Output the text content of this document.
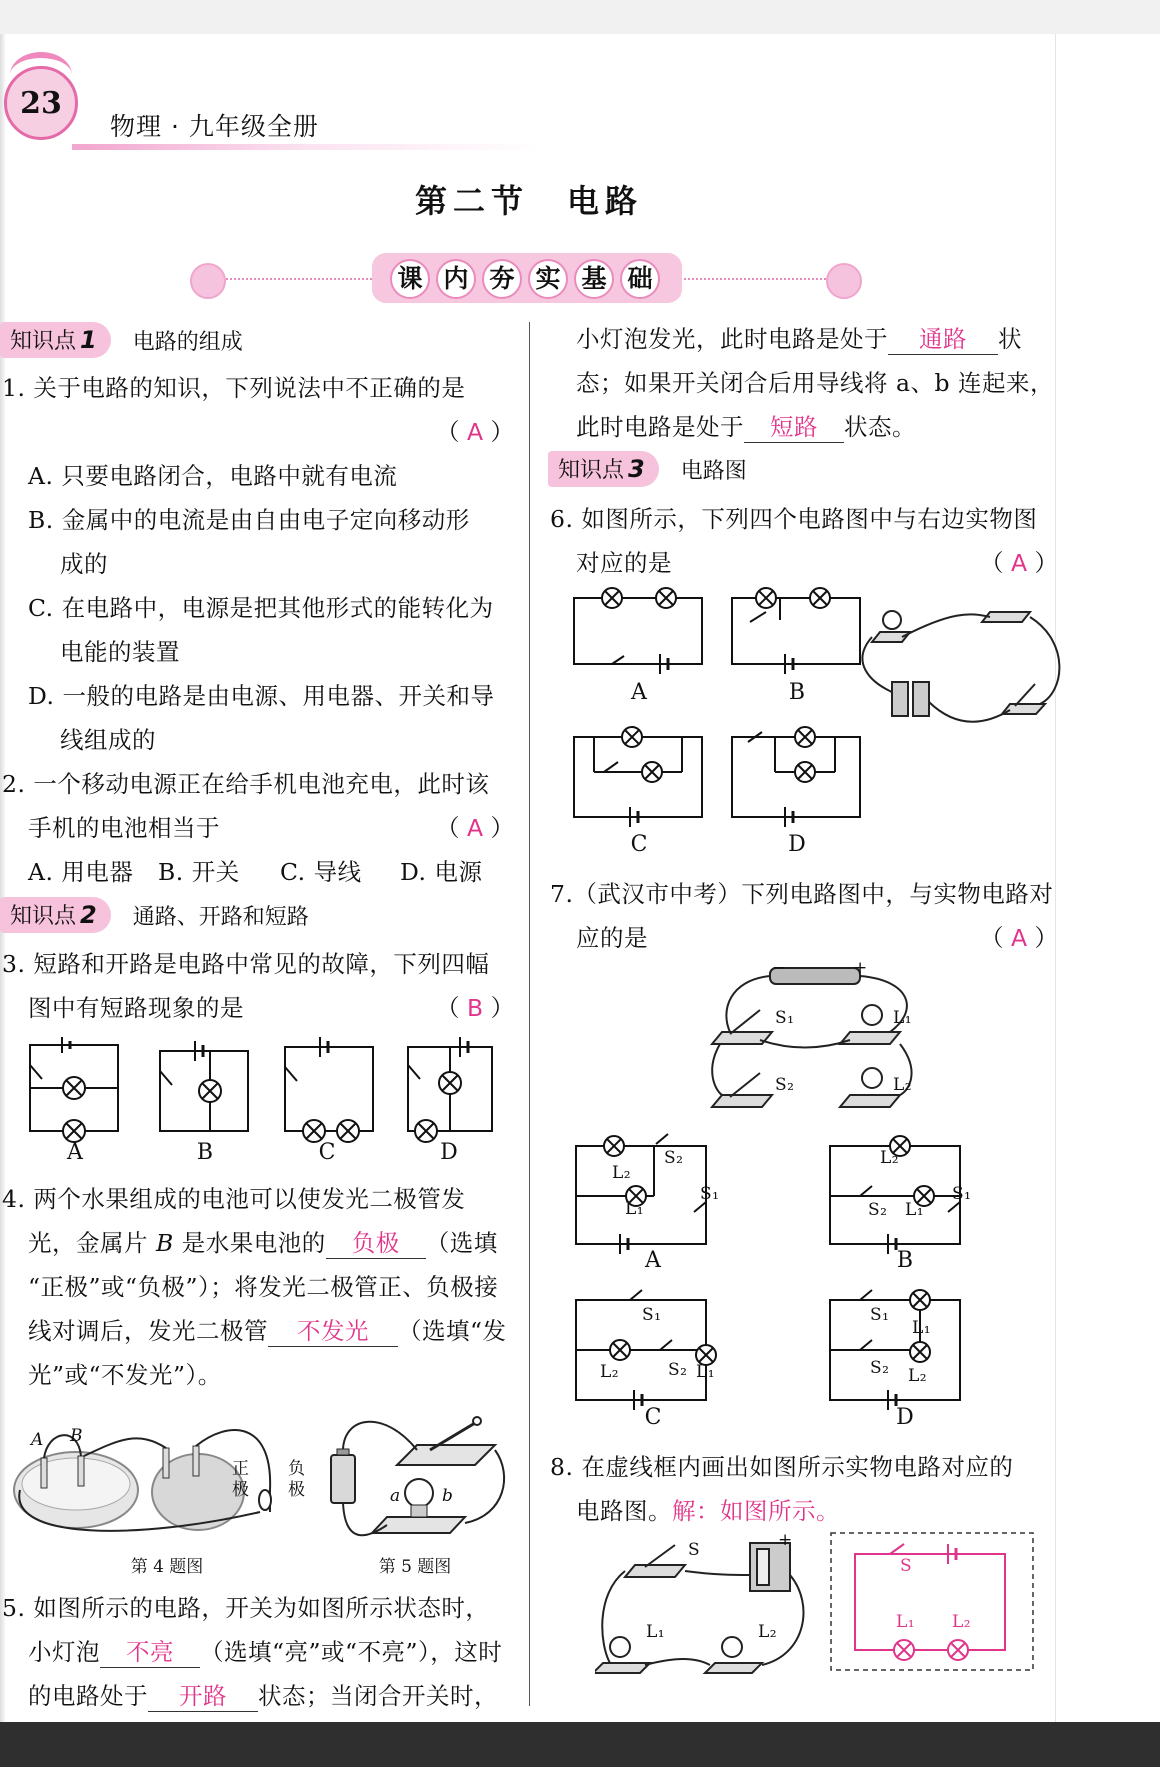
23
物理 · 九年级全册
第二节　电路
课 内 夯 实 基 础
知识点 1	电路的组成
1. 关于电路的知识，下列说法中不正确的是
（ A ）
A. 只要电路闭合，电路中就有电流
B. 金属中的电流是由自由电子定向移动形
成的
C. 在电路中，电源是把其他形式的能转化为
电能的装置
D. 一般的电路是由电源、用电器、开关和导
线组成的
2. 一个移动电源正在给手机电池充电，此时该
手机的电池相当于	（ A ）
A. 用电器 B. 开关 C. 导线 D. 电源
知识点 2	通路、开路和短路
3. 短路和开路是电路中常见的故障，下列四幅
图中有短路现象的是	（ B ）
A	B	C	D
4. 两个水果组成的电池可以使发光二极管发
光，金属片 B 是水果电池的 负极 （选填
“正极”或“负极”）；将发光二极管正、负极接
线对调后，发光二极管 不发光 （选填“发
光”或“不发光”）。
A B
正
极
负
极
第 4 题图
a b
第 5 题图
5. 如图所示的电路，开关为如图所示状态时，
小灯泡 不亮 （选填“亮”或“不亮”），这时
的电路处于 开路 状态；当闭合开关时，
小灯泡发光，此时电路是处于 通路 状
态；如果开关闭合后用导线将 a、b 连起来，
此时电路是处于 短路 状态。
知识点 3	电路图
6. 如图所示，下列四个电路图中与右边实物图
对应的是	（ A ）
A	B
C	D
7.（武汉市中考）下列电路图中，与实物电路对
应的是	（ A ）
−	+
S₁	L₁
S₂	L₂
L₂
S₂
L₁
S₁
L₂
S₂ L₁
S₁
A	B
S₁
L₂	S₂ L₁
S₁
L₁
S₂ L₂
C	D
8. 在虚线框内画出如图所示实物电路对应的
电路图。解：如图所示。
S	+
L₁	L₂
S
L₁ L₂
